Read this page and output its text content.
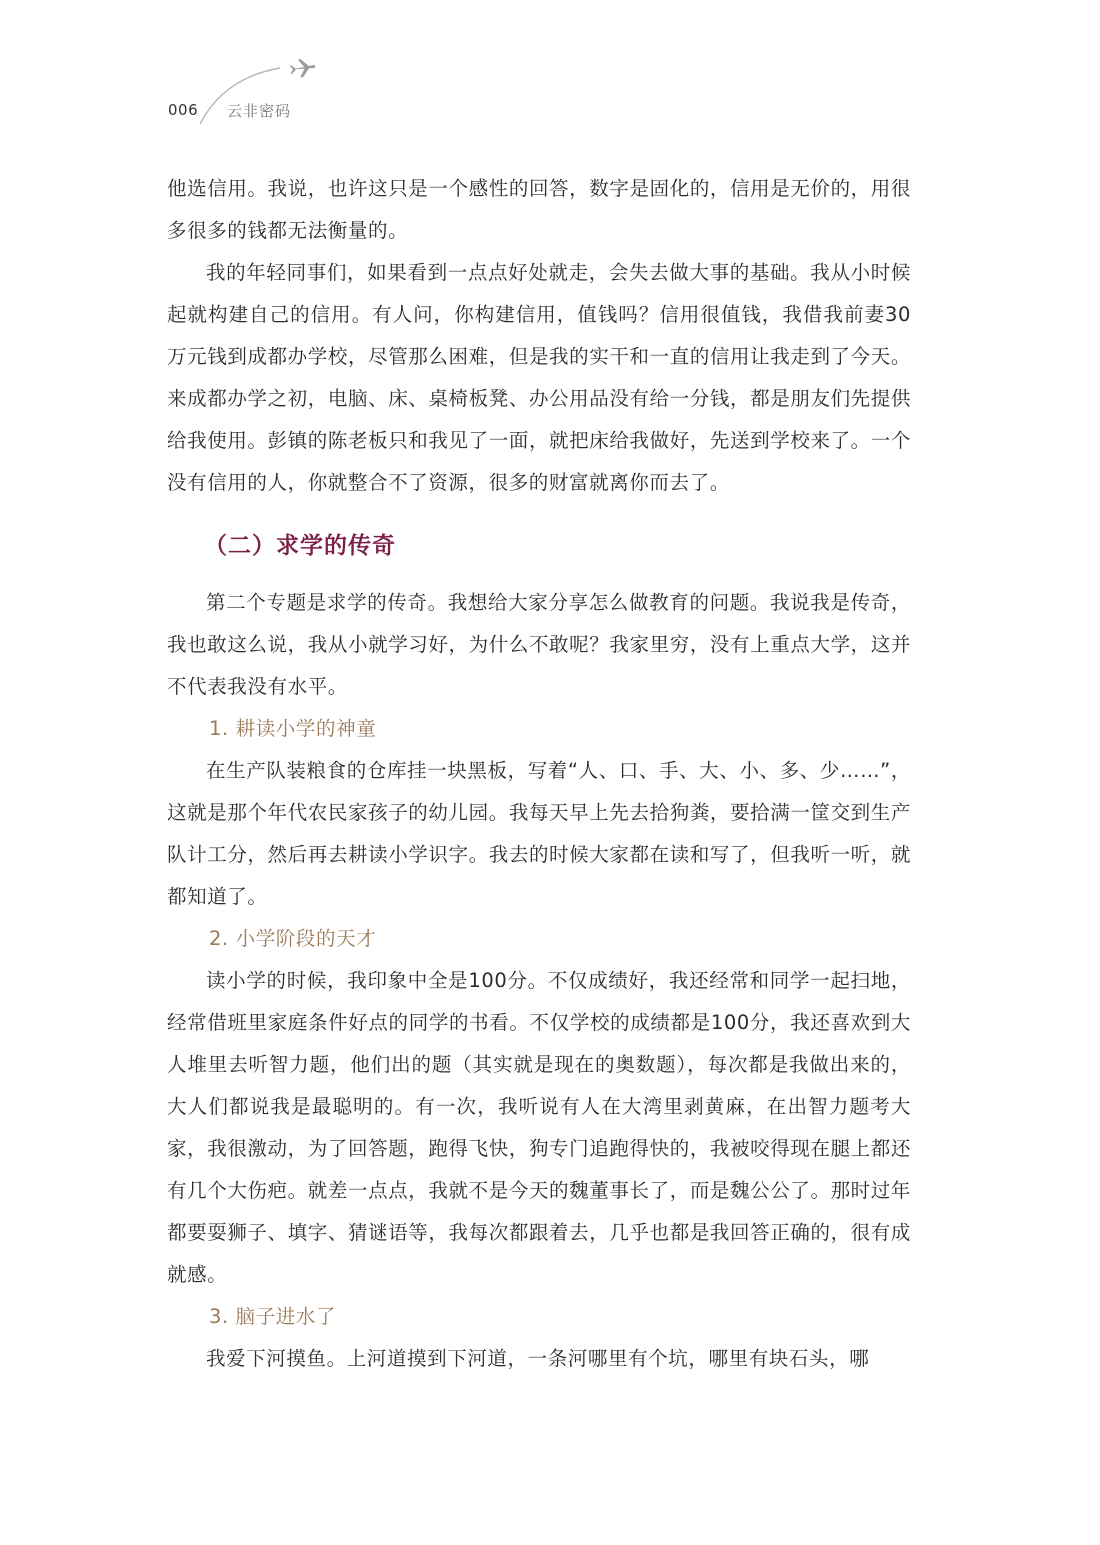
006 云非密码

他选信用。我说，也许这只是一个感性的回答，数字是固化的，信用是无价的，用很多很多的钱都无法衡量的。

我的年轻同事们，如果看到一点点好处就走，会失去做大事的基础。我从小时候起就构建自己的信用。有人问，你构建信用，值钱吗？信用很值钱，我借我前妻30万元钱到成都办学校，尽管那么困难，但是我的实干和一直的信用让我走到了今天。来成都办学之初，电脑、床、桌椅板凳、办公用品没有给一分钱，都是朋友们先提供给我使用。彭镇的陈老板只和我见了一面，就把床给我做好，先送到学校来了。一个没有信用的人，你就整合不了资源，很多的财富就离你而去了。

（二）求学的传奇

第二个专题是求学的传奇。我想给大家分享怎么做教育的问题。我说我是传奇，我也敢这么说，我从小就学习好，为什么不敢呢？我家里穷，没有上重点大学，这并不代表我没有水平。

1. 耕读小学的神童

在生产队装粮食的仓库挂一块黑板，写着“人、口、手、大、小、多、少……”，这就是那个年代农民家孩子的幼儿园。我每天早上先去拾狗粪，要拾满一筐交到生产队计工分，然后再去耕读小学识字。我去的时候大家都在读和写了，但我听一听，就都知道了。

2. 小学阶段的天才

读小学的时候，我印象中全是100分。不仅成绩好，我还经常和同学一起扫地，经常借班里家庭条件好点的同学的书看。不仅学校的成绩都是100分，我还喜欢到大人堆里去听智力题，他们出的题（其实就是现在的奥数题），每次都是我做出来的，大人们都说我是最聪明的。有一次，我听说有人在大湾里剥黄麻，在出智力题考大家，我很激动，为了回答题，跑得飞快，狗专门追跑得快的，我被咬得现在腿上都还有几个大伤疤。就差一点点，我就不是今天的魏董事长了，而是魏公公了。那时过年都要耍狮子、填字、猜谜语等，我每次都跟着去，几乎也都是我回答正确的，很有成就感。

3. 脑子进水了

我爱下河摸鱼。上河道摸到下河道，一条河哪里有个坑，哪里有块石头，哪
